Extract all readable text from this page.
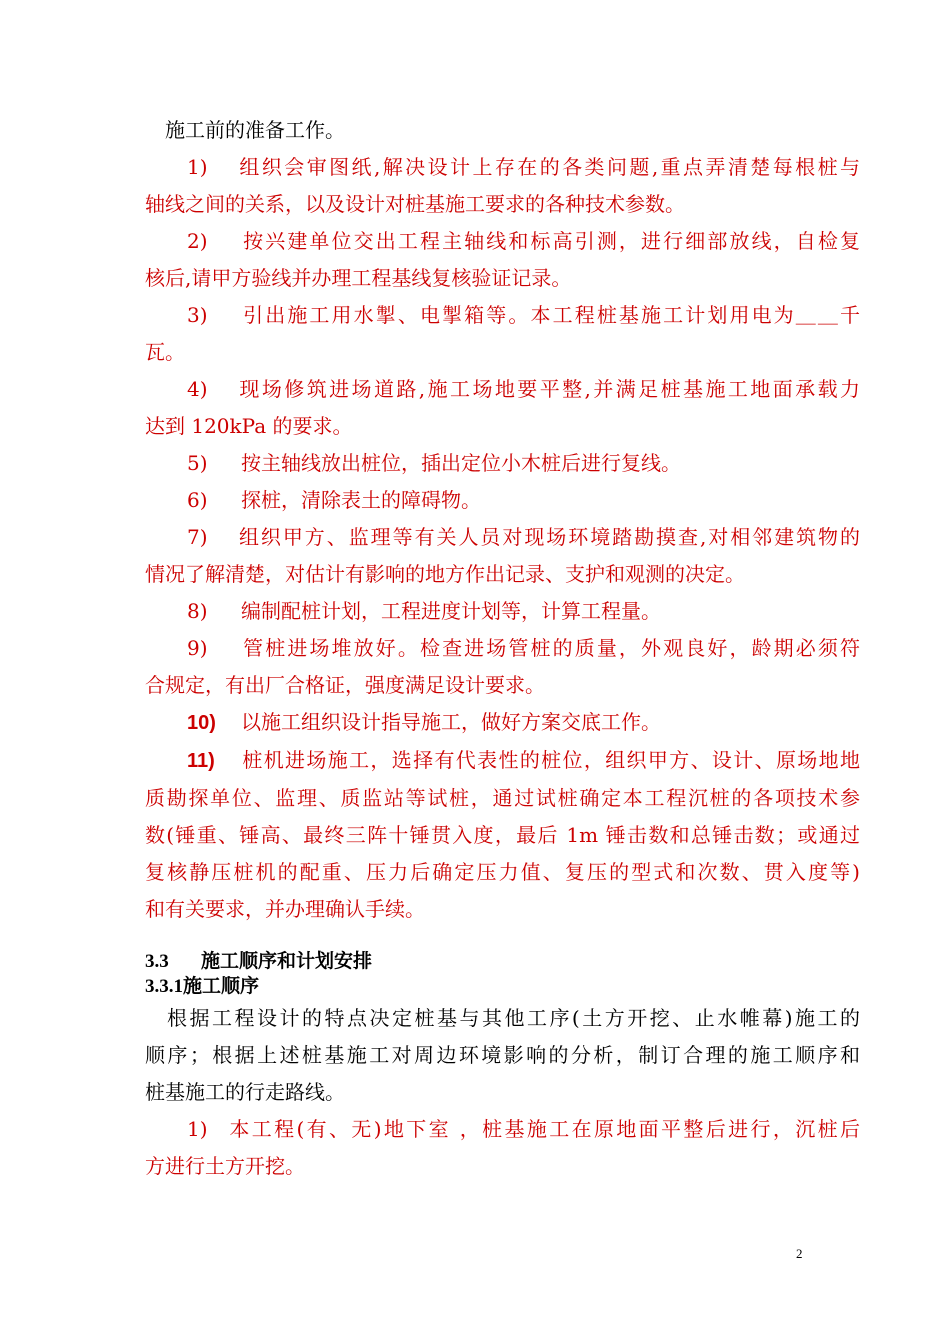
施工前的准备工作。

1) 组织会审图纸,解决设计上存在的各类问题,重点弄清楚每根桩与

轴线之间的关系，以及设计对桩基施工要求的各种技术参数。

2) 按兴建单位交出工程主轴线和标高引测，进行细部放线，自检复

核后,请甲方验线并办理工程基线复核验证记录。

3) 引出施工用水掣、电掣箱等。本工程桩基施工计划用电为＿＿千

瓦。

4) 现场修筑进场道路,施工场地要平整,并满足桩基施工地面承载力

达到 120kPa 的要求。

5) 按主轴线放出桩位，插出定位小木桩后进行复线。

6) 探桩，清除表土的障碍物。

7) 组织甲方、监理等有关人员对现场环境踏勘摸查,对相邻建筑物的

情况了解清楚，对估计有影响的地方作出记录、支护和观测的决定。

8) 编制配桩计划，工程进度计划等，计算工程量。

9) 管桩进场堆放好。检查进场管桩的质量，外观良好，龄期必须符

合规定，有出厂合格证，强度满足设计要求。

10) 以施工组织设计指导施工，做好方案交底工作。

11) 桩机进场施工，选择有代表性的桩位，组织甲方、设计、原场地地

质勘探单位、监理、质监站等试桩，通过试桩确定本工程沉桩的各项技术参

数(锤重、锤高、最终三阵十锤贯入度，最后 1m 锤击数和总锤击数；或通过

复核静压桩机的配重、压力后确定压力值、复压的型式和次数、贯入度等)

和有关要求，并办理确认手续。

3.3 施工顺序和计划安排

3.3.1施工顺序

根据工程设计的特点决定桩基与其他工序(土方开挖、止水帷幕)施工的

顺序；根据上述桩基施工对周边环境影响的分析，制订合理的施工顺序和

桩基施工的行走路线。

1) 本工程(有、无)地下室 ，桩基施工在原地面平整后进行，沉桩后

方进行土方开挖。

2
